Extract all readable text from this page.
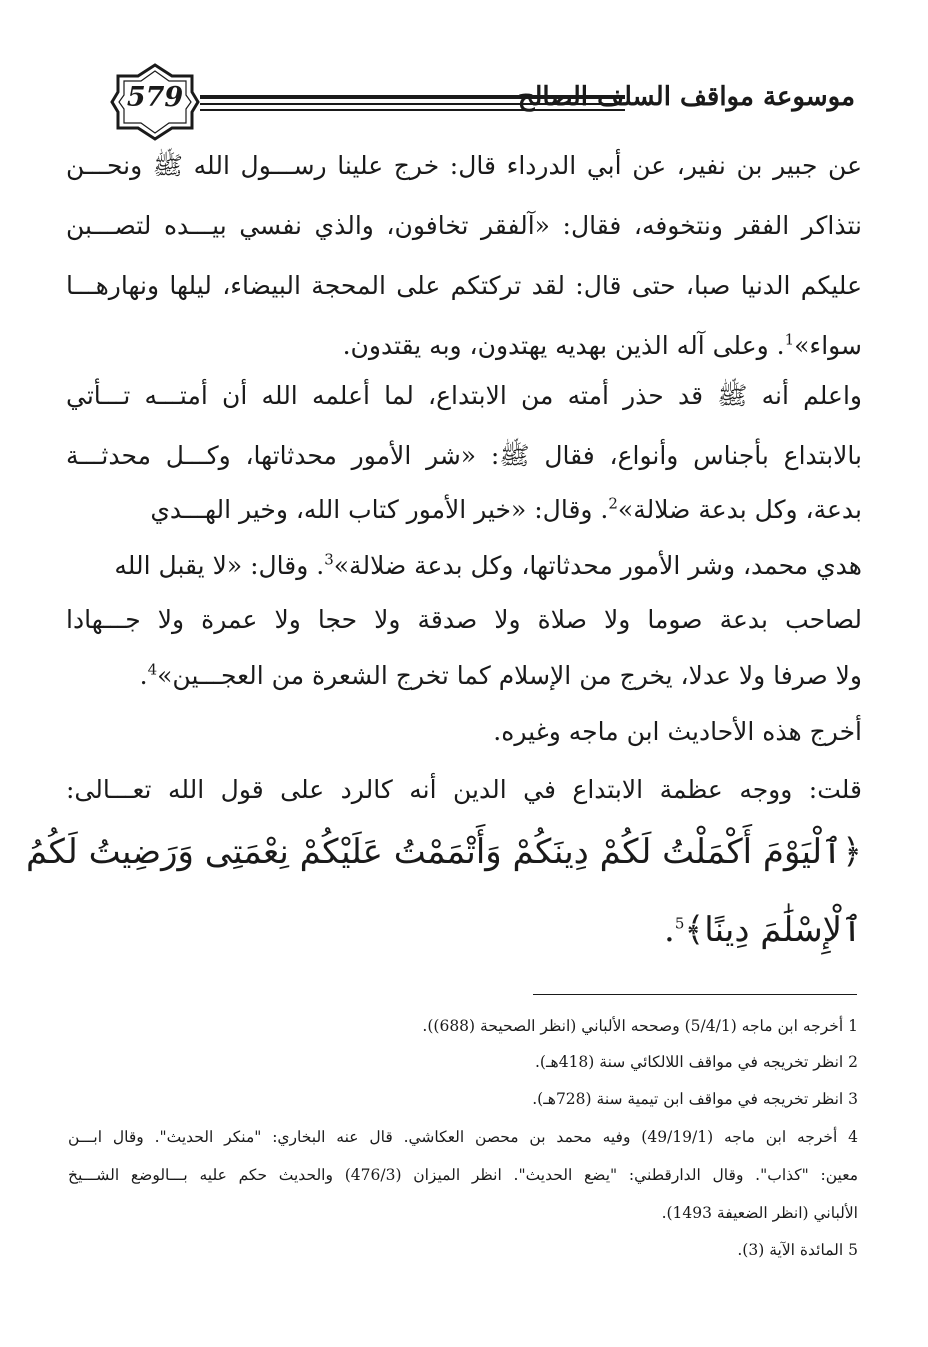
579	موسوعة مواقف السلف الصالح
عن جبير بن نفير، عن أبي الدرداء قال: خرج علينا رســـول الله ﷺ ونحـــن
نتذاكر الفقر ونتخوفه، فقال: «آلفقر تخافون، والذي نفسي بيـــده لتصـــبن
عليكم الدنيا صبا، حتى قال: لقد تركتكم على المحجة البيضاء، ليلها ونهارهـــا
سواء»$^1$. وعلى آله الذين بهديه يهتدون، وبه يقتدون.
واعلم أنه ﷺ قد حذر أمته من الابتداع، لما أعلمه الله أن أمتـــه تـــأتي
بالابتداع بأجناس وأنواع، فقال ﷺ: «شر الأمور محدثاتها، وكـــل محدثـــة
بدعة، وكل بدعة ضلالة»$^2$. وقال: «خير الأمور كتاب الله، وخير الهـــدي
هدي محمد، وشر الأمور محدثاتها، وكل بدعة ضلالة»$^3$. وقال: «لا يقبل الله
لصاحب بدعة صوما ولا صلاة ولا صدقة ولا حجا ولا عمرة ولا جـــهادا
ولا صرفا ولا عدلا، يخرج من الإسلام كما تخرج الشعرة من العجـــين»$^4$.
أخرج هذه الأحاديث ابن ماجه وغيره.
قلت: ووجه عظمة الابتداع في الدين أنه كالرد على قول الله تعـــالى:
﴿ٱلْيَوْمَ أَكْمَلْتُ لَكُمْ دِينَكُمْ وَأَتْمَمْتُ عَلَيْكُمْ نِعْمَتِى وَرَضِيتُ لَكُمُ
ٱلْإِسْلَٰمَ دِينًا﴾$^5$.
1 أخرجه ابن ماجه (5/4/1) وصححه الألباني (انظر الصحيحة (688)).
2 انظر تخريجه في مواقف اللالكائي سنة (418هـ).
3 انظر تخريجه في مواقف ابن تيمية سنة (728هـ).
4 أخرجه ابن ماجه (49/19/1) وفيه محمد بن محصن العكاشي. قال عنه البخاري: "منكر الحديث". وقال ابـــن
معين: "كذاب". وقال الدارقطني: "يضع الحديث". انظر الميزان (476/3) والحديث حكم عليه بـــالوضع الشـــيخ
الألباني (انظر الضعيفة 1493).
5 المائدة الآية (3).
